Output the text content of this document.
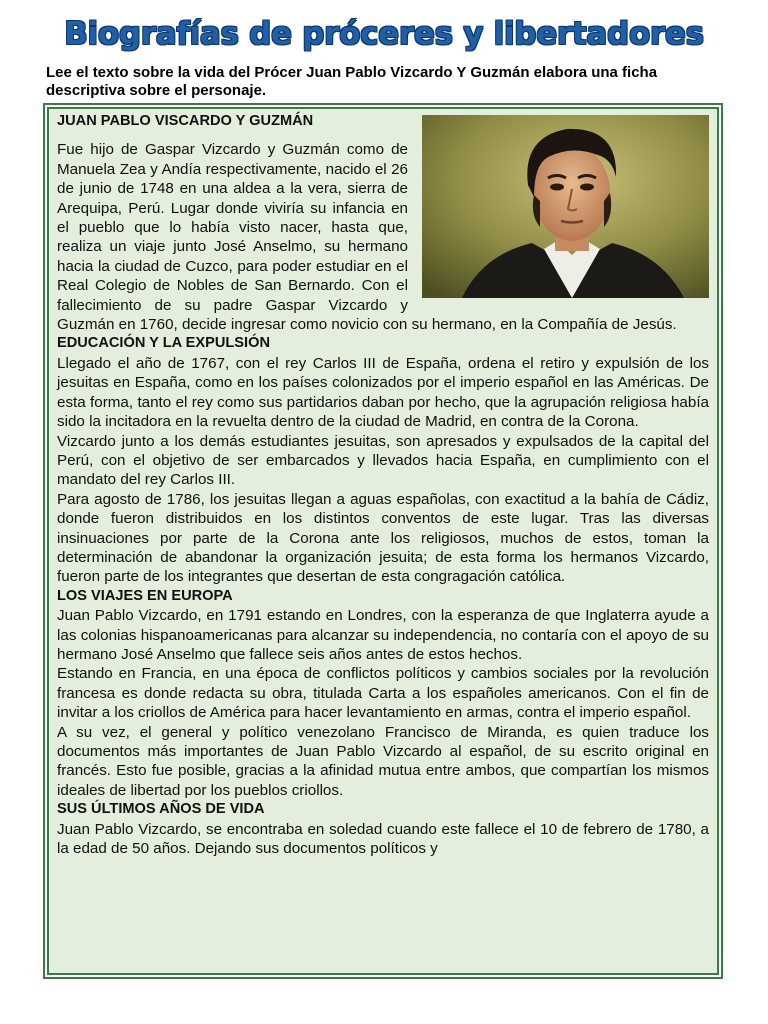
Biografías de próceres y libertadores
Lee el texto sobre la vida del Prócer Juan Pablo Vizcardo Y Guzmán elabora una ficha descriptiva sobre el personaje.

JUAN PABLO VISCARDO Y GUZMÁN

Fue hijo de Gaspar Vizcardo y Guzmán como de Manuela Zea y Andía respectivamente, nacido el 26 de junio de 1748 en una aldea a la vera, sierra de Arequipa, Perú. Lugar donde viviría su infancia en el pueblo que lo había visto nacer, hasta que, realiza un viaje junto José Anselmo, su hermano hacia la ciudad de Cuzco, para poder estudiar en el Real Colegio de Nobles de San Bernardo. Con el fallecimiento de su padre Gaspar Vizcardo y Guzmán en 1760, decide ingresar como novicio con su hermano, en la Compañía de Jesús.

EDUCACIÓN Y LA EXPULSIÓN

Llegado el año de 1767, con el rey Carlos III de España, ordena el retiro y expulsión de los jesuitas en España, como en los países colonizados por el imperio español en las Américas. De esta forma, tanto el rey como sus partidarios daban por hecho, que la agrupación religiosa había sido la incitadora en la revuelta dentro de la ciudad de Madrid, en contra de la Corona.

Vizcardo junto a los demás estudiantes jesuitas, son apresados y expulsados de la capital del Perú, con el objetivo de ser embarcados y llevados hacia España, en cumplimiento con el mandato del rey Carlos III.

Para agosto de 1786, los jesuitas llegan a aguas españolas, con exactitud a la bahía de Cádiz, donde fueron distribuidos en los distintos conventos de este lugar. Tras las diversas insinuaciones por parte de la Corona ante los religiosos, muchos de estos, toman la determinación de abandonar la organización jesuita; de esta forma los hermanos Vizcardo, fueron parte de los integrantes que desertan de esta congragación católica.

LOS VIAJES EN EUROPA

Juan Pablo Vizcardo, en 1791 estando en Londres, con la esperanza de que Inglaterra ayude a las colonias hispanoamericanas para alcanzar su independencia, no contaría con el apoyo de su hermano José Anselmo que fallece seis años antes de estos hechos.

Estando en Francia, en una época de conflictos políticos y cambios sociales por la revolución francesa es donde redacta su obra, titulada Carta a los españoles americanos. Con el fin de invitar a los criollos de América para hacer levantamiento en armas, contra el imperio español.

A su vez, el general y político venezolano Francisco de Miranda, es quien traduce los documentos más importantes de Juan Pablo Vizcardo al español, de su escrito original en francés. Esto fue posible, gracias a la afinidad mutua entre ambos, que compartían los mismos ideales de libertad por los pueblos criollos.

SUS ÚLTIMOS AÑOS DE VIDA

Juan Pablo Vizcardo, se encontraba en soledad cuando este fallece el 10 de febrero de 1780, a la edad de 50 años. Dejando sus documentos políticos y
